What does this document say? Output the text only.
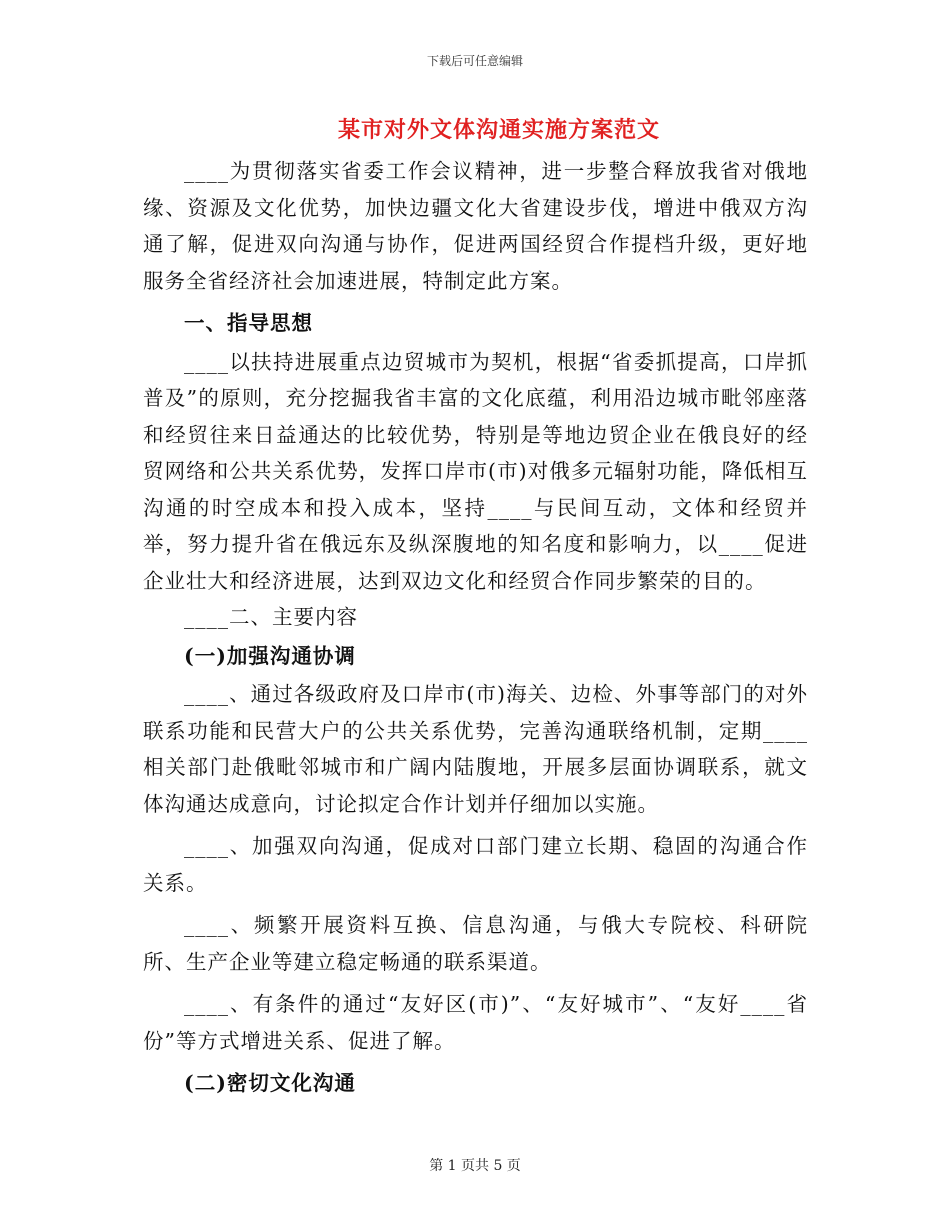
下载后可任意编辑
某市对外文体沟通实施方案范文

____为贯彻落实省委工作会议精神，进一步整合释放我省对俄地缘、资源及文化优势，加快边疆文化大省建设步伐，增进中俄双方沟通了解，促进双向沟通与协作，促进两国经贸合作提档升级，更好地服务全省经济社会加速进展，特制定此方案。

一、指导思想

____以扶持进展重点边贸城市为契机，根据“省委抓提高，口岸抓普及”的原则，充分挖掘我省丰富的文化底蕴，利用沿边城市毗邻座落和经贸往来日益通达的比较优势，特别是等地边贸企业在俄良好的经贸网络和公共关系优势，发挥口岸市(市)对俄多元辐射功能，降低相互沟通的时空成本和投入成本，坚持____与民间互动，文体和经贸并举，努力提升省在俄远东及纵深腹地的知名度和影响力，以____促进企业壮大和经济进展，达到双边文化和经贸合作同步繁荣的目的。

____二、主要内容

(一)加强沟通协调

____、通过各级政府及口岸市(市)海关、边检、外事等部门的对外联系功能和民营大户的公共关系优势，完善沟通联络机制，定期____相关部门赴俄毗邻城市和广阔内陆腹地，开展多层面协调联系，就文体沟通达成意向，讨论拟定合作计划并仔细加以实施。

____、加强双向沟通，促成对口部门建立长期、稳固的沟通合作关系。

____、频繁开展资料互换、信息沟通，与俄大专院校、科研院所、生产企业等建立稳定畅通的联系渠道。

____、有条件的通过“友好区(市)”、“友好城市”、“友好____省份”等方式增进关系、促进了解。

(二)密切文化沟通

第 1 页共 5 页
